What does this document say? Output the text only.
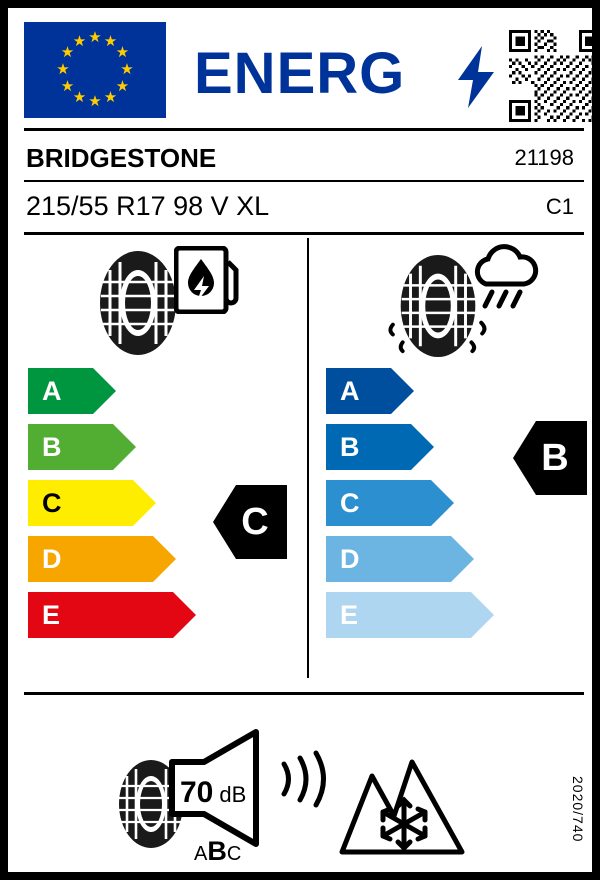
★
★
★
★
★
★ ★ ★
★
★
★
★ ENERG
BRIDGESTONE	21198
215/55 R17 98 V XL	C1
A
B
C
D
E
C
A
B
C
D
E
B
70 dB
ABC
2020/740
